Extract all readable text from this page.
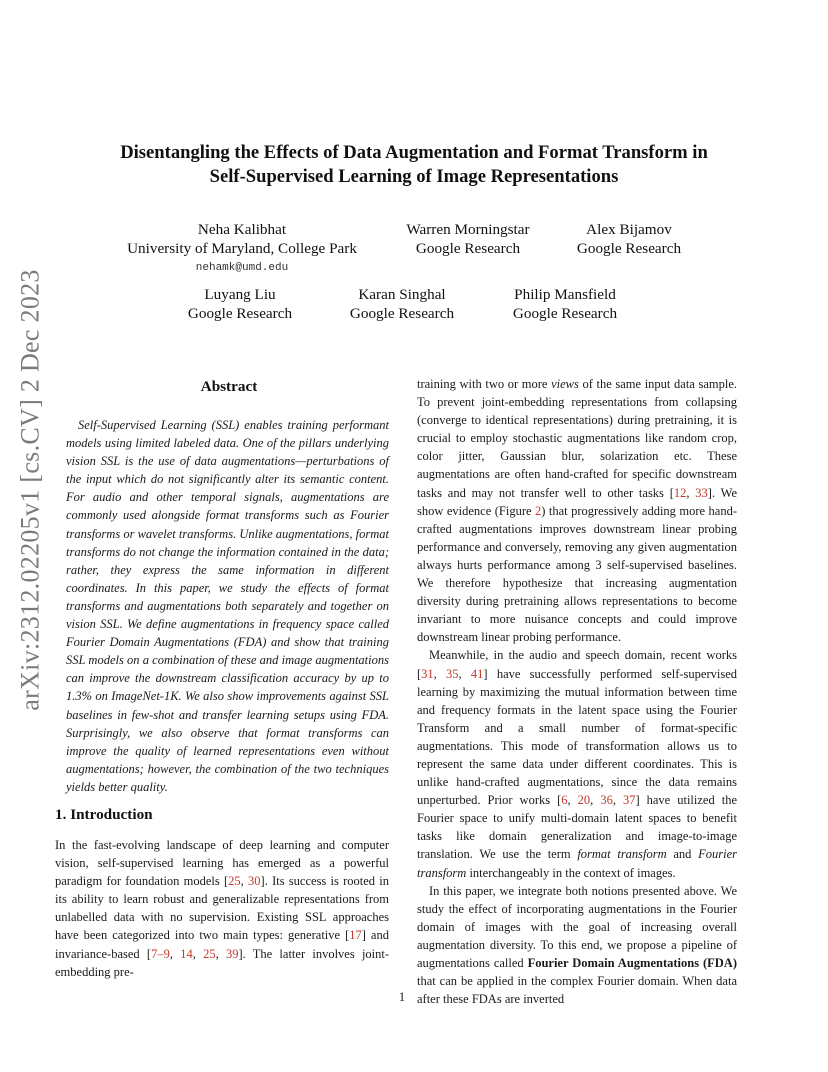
arXiv:2312.02205v1 [cs.CV] 2 Dec 2023
Disentangling the Effects of Data Augmentation and Format Transform in
Self-Supervised Learning of Image Representations
Neha Kalibhat
University of Maryland, College Park
nehamk@umd.edu
Warren Morningstar
Google Research
Alex Bijamov
Google Research
Luyang Liu
Google Research
Karan Singhal
Google Research
Philip Mansfield
Google Research
Abstract

Self-Supervised Learning (SSL) enables training performant models using limited labeled data. One of the pillars underlying vision SSL is the use of data augmentations—perturbations of the input which do not significantly alter its semantic content. For audio and other temporal signals, augmentations are commonly used alongside format transforms such as Fourier transforms or wavelet transforms. Unlike augmentations, format transforms do not change the information contained in the data; rather, they express the same information in different coordinates. In this paper, we study the effects of format transforms and augmentations both separately and together on vision SSL. We define augmentations in frequency space called Fourier Domain Augmentations (FDA) and show that training SSL models on a combination of these and image augmentations can improve the downstream classification accuracy by up to 1.3% on ImageNet-1K. We also show improvements against SSL baselines in few-shot and transfer learning setups using FDA. Surprisingly, we also observe that format transforms can improve the quality of learned representations even without augmentations; however, the combination of the two techniques yields better quality.

1. Introduction

In the fast-evolving landscape of deep learning and computer vision, self-supervised learning has emerged as a powerful paradigm for foundation models [25, 30]. Its success is rooted in its ability to learn robust and generalizable representations from unlabelled data with no supervision. Existing SSL approaches have been categorized into two main types: generative [17] and invariance-based [7–9, 14, 25, 39]. The latter involves joint-embedding pre-

training with two or more views of the same input data sample. To prevent joint-embedding representations from collapsing (converge to identical representations) during pretraining, it is crucial to employ stochastic augmentations like random crop, color jitter, Gaussian blur, solarization etc. These augmentations are often hand-crafted for specific downstream tasks and may not transfer well to other tasks [12, 33]. We show evidence (Figure 2) that progressively adding more hand-crafted augmentations improves downstream linear probing performance and conversely, removing any given augmentation always hurts performance among 3 self-supervised baselines. We therefore hypothesize that increasing augmentation diversity during pretraining allows representations to become invariant to more nuisance concepts and could improve downstream linear probing performance.

Meanwhile, in the audio and speech domain, recent works [31, 35, 41] have successfully performed self-supervised learning by maximizing the mutual information between time and frequency formats in the latent space using the Fourier Transform and a small number of format-specific augmentations. This mode of transformation allows us to represent the same data under different coordinates. This is unlike hand-crafted augmentations, since the data remains unperturbed. Prior works [6, 20, 36, 37] have utilized the Fourier space to unify multi-domain latent spaces to benefit tasks like domain generalization and image-to-image translation. We use the term format transform and Fourier transform interchangeably in the context of images.

In this paper, we integrate both notions presented above. We study the effect of incorporating augmentations in the Fourier domain of images with the goal of increasing overall augmentation diversity. To this end, we propose a pipeline of augmentations called Fourier Domain Augmentations (FDA) that can be applied in the complex Fourier domain. When data after these FDAs are inverted

1
